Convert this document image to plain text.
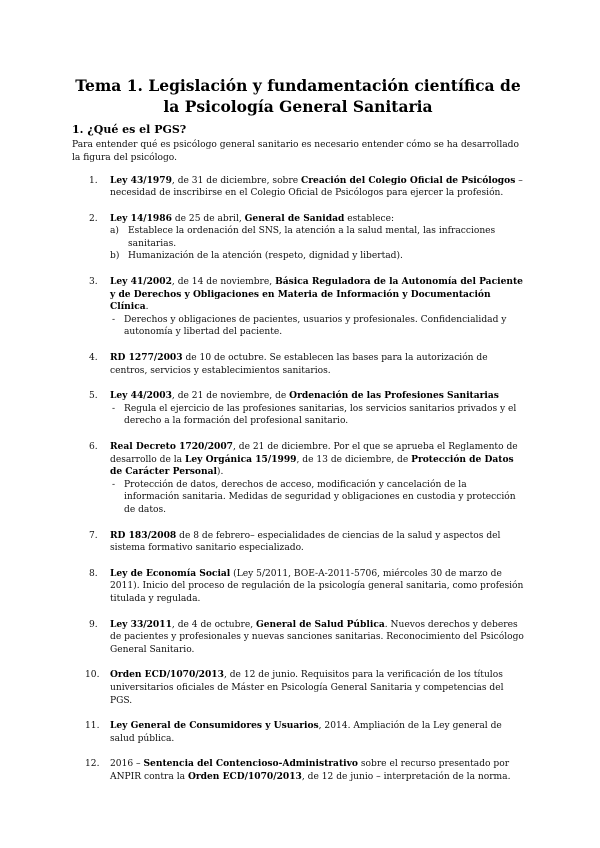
Tema 1. Legislación y fundamentación científica de la Psicología General Sanitaria
1. ¿Qué es el PGS?

Para entender qué es psicólogo general sanitario es necesario entender cómo se ha desarrollado la figura del psicólogo.

1. Ley 43/1979, de 31 de diciembre, sobre Creación del Colegio Oficial de Psicólogos – necesidad de inscribirse en el Colegio Oficial de Psicólogos para ejercer la profesión.

2. Ley 14/1986 de 25 de abril, General de Sanidad establece:

a) Establece la ordenación del SNS, la atención a la salud mental, las infracciones sanitarias.
b) Humanización de la atención (respeto, dignidad y libertad).
3. Ley 41/2002, de 14 de noviembre, Básica Reguladora de la Autonomía del Paciente y de Derechos y Obligaciones en Materia de Información y Documentación Clínica.

- Derechos y obligaciones de pacientes, usuarios y profesionales. Confidencialidad y autonomía y libertad del paciente.
4. RD 1277/2003 de 10 de octubre. Se establecen las bases para la autorización de centros, servicios y establecimientos sanitarios.

5. Ley 44/2003, de 21 de noviembre, de Ordenación de las Profesiones Sanitarias

- Regula el ejercicio de las profesiones sanitarias, los servicios sanitarios privados y el derecho a la formación del profesional sanitario.
6. Real Decreto 1720/2007, de 21 de diciembre. Por el que se aprueba el Reglamento de desarrollo de la Ley Orgánica 15/1999, de 13 de diciembre, de Protección de Datos de Carácter Personal).

- Protección de datos, derechos de acceso, modificación y cancelación de la información sanitaria. Medidas de seguridad y obligaciones en custodia y protección de datos.
7. RD 183/2008 de 8 de febrero– especialidades de ciencias de la salud y aspectos del sistema formativo sanitario especializado.

8. Ley de Economía Social (Ley 5/2011, BOE-A-2011-5706, miércoles 30 de marzo de 2011). Inicio del proceso de regulación de la psicología general sanitaria, como profesión titulada y regulada.

9. Ley 33/2011, de 4 de octubre, General de Salud Pública. Nuevos derechos y deberes de pacientes y profesionales y nuevas sanciones sanitarias. Reconocimiento del Psicólogo General Sanitario.

10. Orden ECD/1070/2013, de 12 de junio. Requisitos para la verificación de los títulos universitarios oficiales de Máster en Psicología General Sanitaria y competencias del PGS.

11. Ley General de Consumidores y Usuarios, 2014. Ampliación de la Ley general de salud pública.

12. 2016 – Sentencia del Contencioso-Administrativo sobre el recurso presentado por ANPIR contra la Orden ECD/1070/2013, de 12 de junio – interpretación de la norma.
